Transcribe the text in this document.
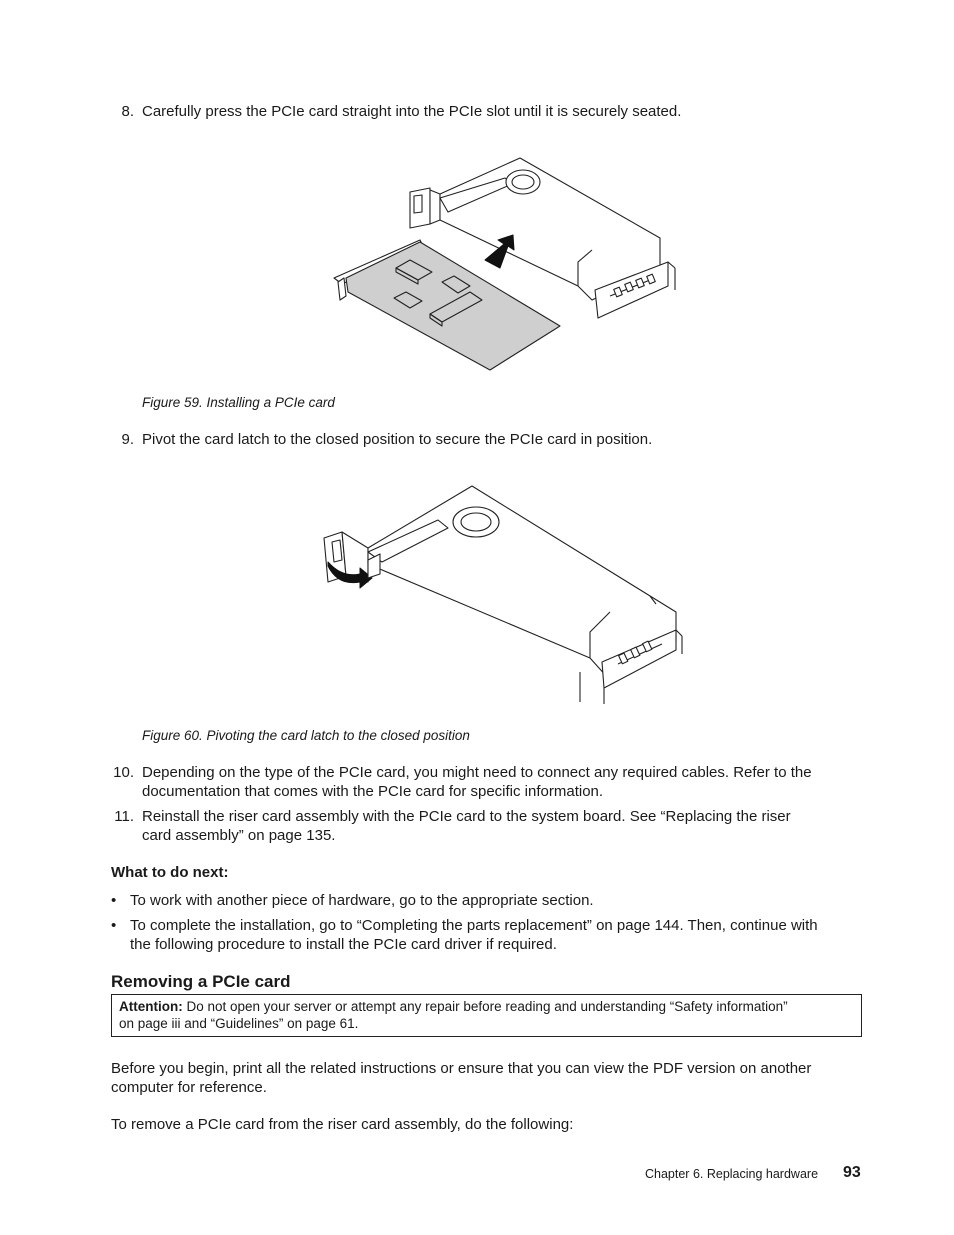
8. Carefully press the PCIe card straight into the PCIe slot until it is securely seated.
Figure 59. Installing a PCIe card
9. Pivot the card latch to the closed position to secure the PCIe card in position.
Figure 60. Pivoting the card latch to the closed position
10. Depending on the type of the PCIe card, you might need to connect any required cables. Refer to the
documentation that comes with the PCIe card for specific information.
11. Reinstall the riser card assembly with the PCIe card to the system board. See “Replacing the riser
card assembly” on page 135.
What to do next:
• To work with another piece of hardware, go to the appropriate section.
• To complete the installation, go to “Completing the parts replacement” on page 144. Then, continue with
the following procedure to install the PCIe card driver if required.
Removing a PCIe card
Attention: Do not open your server or attempt any repair before reading and understanding “Safety information”
on page iii and “Guidelines” on page 61.
Before you begin, print all the related instructions or ensure that you can view the PDF version on another
computer for reference.
To remove a PCIe card from the riser card assembly, do the following:
Chapter 6. Replacing hardware 93
